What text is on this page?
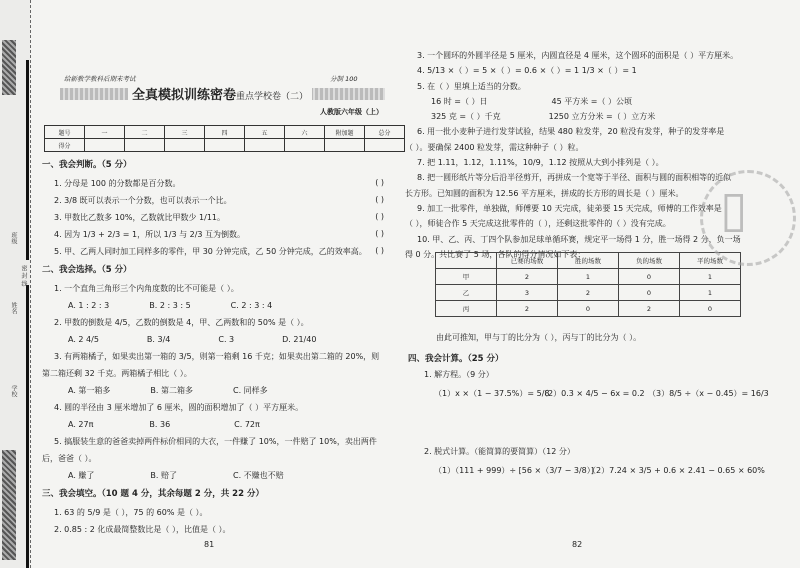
班级
密 封 线
姓名
学校
给新教学教科后期末考试	分制 100
全真模拟训练密卷重点学校卷（二）
人教版六年级（上）
题号	一	二	三	四	五	六	附加题	总分
得分								
一、我会判断。（5 分）
1. 分母是 100 的分数都是百分数。	( )
2. 3/8 既可以表示一个分数，也可以表示一个比。	( )
3. 甲数比乙数多 10%，乙数就比甲数少 1/11。	( )
4. 因为 1/3 + 2/3 = 1，所以 1/3 与 2/3 互为倒数。	( )
5. 甲、乙两人同时加工同样多的零件，甲 30 分钟完成，乙 50 分钟完成，乙的效率高。 ( )
二、我会选择。（5 分）
1. 一个直角三角形三个内角度数的比不可能是（ ）。
A. 1 : 2 : 3　　　　　B. 2 : 3 : 5　　　　　C. 2 : 3 : 4
2. 甲数的倒数是 4/5，乙数的倒数是 4，甲、乙两数和的 50% 是（ ）。
A. 2 4/5　　　　　　B. 3/4　　　　　　C. 3　　　　　　D. 21/40
3. 有两箱橘子，如果卖出第一箱的 3/5，则第一箱剩 16 千克；如果卖出第二箱的 20%，则
第二箱还剩 32 千克。两箱橘子相比（ ）。
A. 第一箱多　　　　　B. 第二箱多　　　　　C. 同样多
4. 圆的半径由 3 厘米增加了 6 厘米，圆的面积增加了（ ）平方厘米。
A. 27π　　　　　　　B. 36　　　　　　　　C. 72π
5. 搞服装生意的爸爸卖掉两件标价相同的大衣，一件赚了 10%，一件赔了 10%，卖出两件
后，爸爸（ ）。
A. 赚了　　　　　　　B. 赔了　　　　　　　C. 不赚也不赔
三、我会填空。（10 题 4 分，其余每题 2 分，共 22 分）
1. 63 的 5/9 是（ ），75 的 60% 是（ ）。
2. 0.85 : 2 化成最简整数比是（ ），比值是（ ）。
3. 一个圆环的外圆半径是 5 厘米，内圆直径是 4 厘米，这个圆环的面积是（ ）平方厘米。
4. 5/13 ×（ ）= 5 ×（ ）= 0.6 ×（ ）= 1 1/3 ×（ ）= 1
5. 在（ ）里填上适当的分数。
16 时 =（ ）日　　　　　　　　45 平方米 =（ ）公顷
325 克 =（ ）千克　　　　　　1250 立方分米 =（ ）立方米
6. 用一批小麦种子进行发芽试验，结果 480 粒发芽，20 粒没有发芽，种子的发芽率是
（ ）。要确保 2400 粒发芽，需这种种子（ ）粒。
7. 把 1.11，1.12，1.11%，10/9，1.1̇2̇ 按照从大到小排列是（ ）。
8. 把一圆形纸片等分后沿半径剪开，再拼成一个宽等于半径、面积与圆的面积相等的近似
长方形。已知圆的面积为 12.56 平方厘米，拼成的长方形的周长是（ ）厘米。
9. 加工一批零件，单独做，师傅要 10 天完成，徒弟要 15 天完成，师傅的工作效率是
（ ），师徒合作 5 天完成这批零件的（ ），还剩这批零件的（ ）没有完成。
10. 甲、乙、丙、丁四个队参加足球单循环赛，规定平一场得 1 分，胜一场得 2 分，负一场
得 0 分。共比赛了 5 场，各队的得分情况如下表：
	已赛的场数	胜的场数	负的场数	平的场数
甲	2	1	0	1
乙	3	2	0	1
丙	2	0	2	0
由此可推知，甲与丁的比分为（ ），丙与丁的比分为（ ）。
四、我会计算。（25 分）
1. 解方程。（9 分）
（1）x ×（1 − 37.5%）= 5/8
（2）0.3 × 4/5 − 6x = 0.2 （3）8/5 ÷（x − 0.45）= 16/3
2. 脱式计算。（能简算的要简算）（12 分）
（1）（111 + 999）÷ [56 ×（3/7 − 3/8）]
（2）7.24 × 3/5 + 0.6 × 2.41 − 0.65 × 60%
81	82
▯
